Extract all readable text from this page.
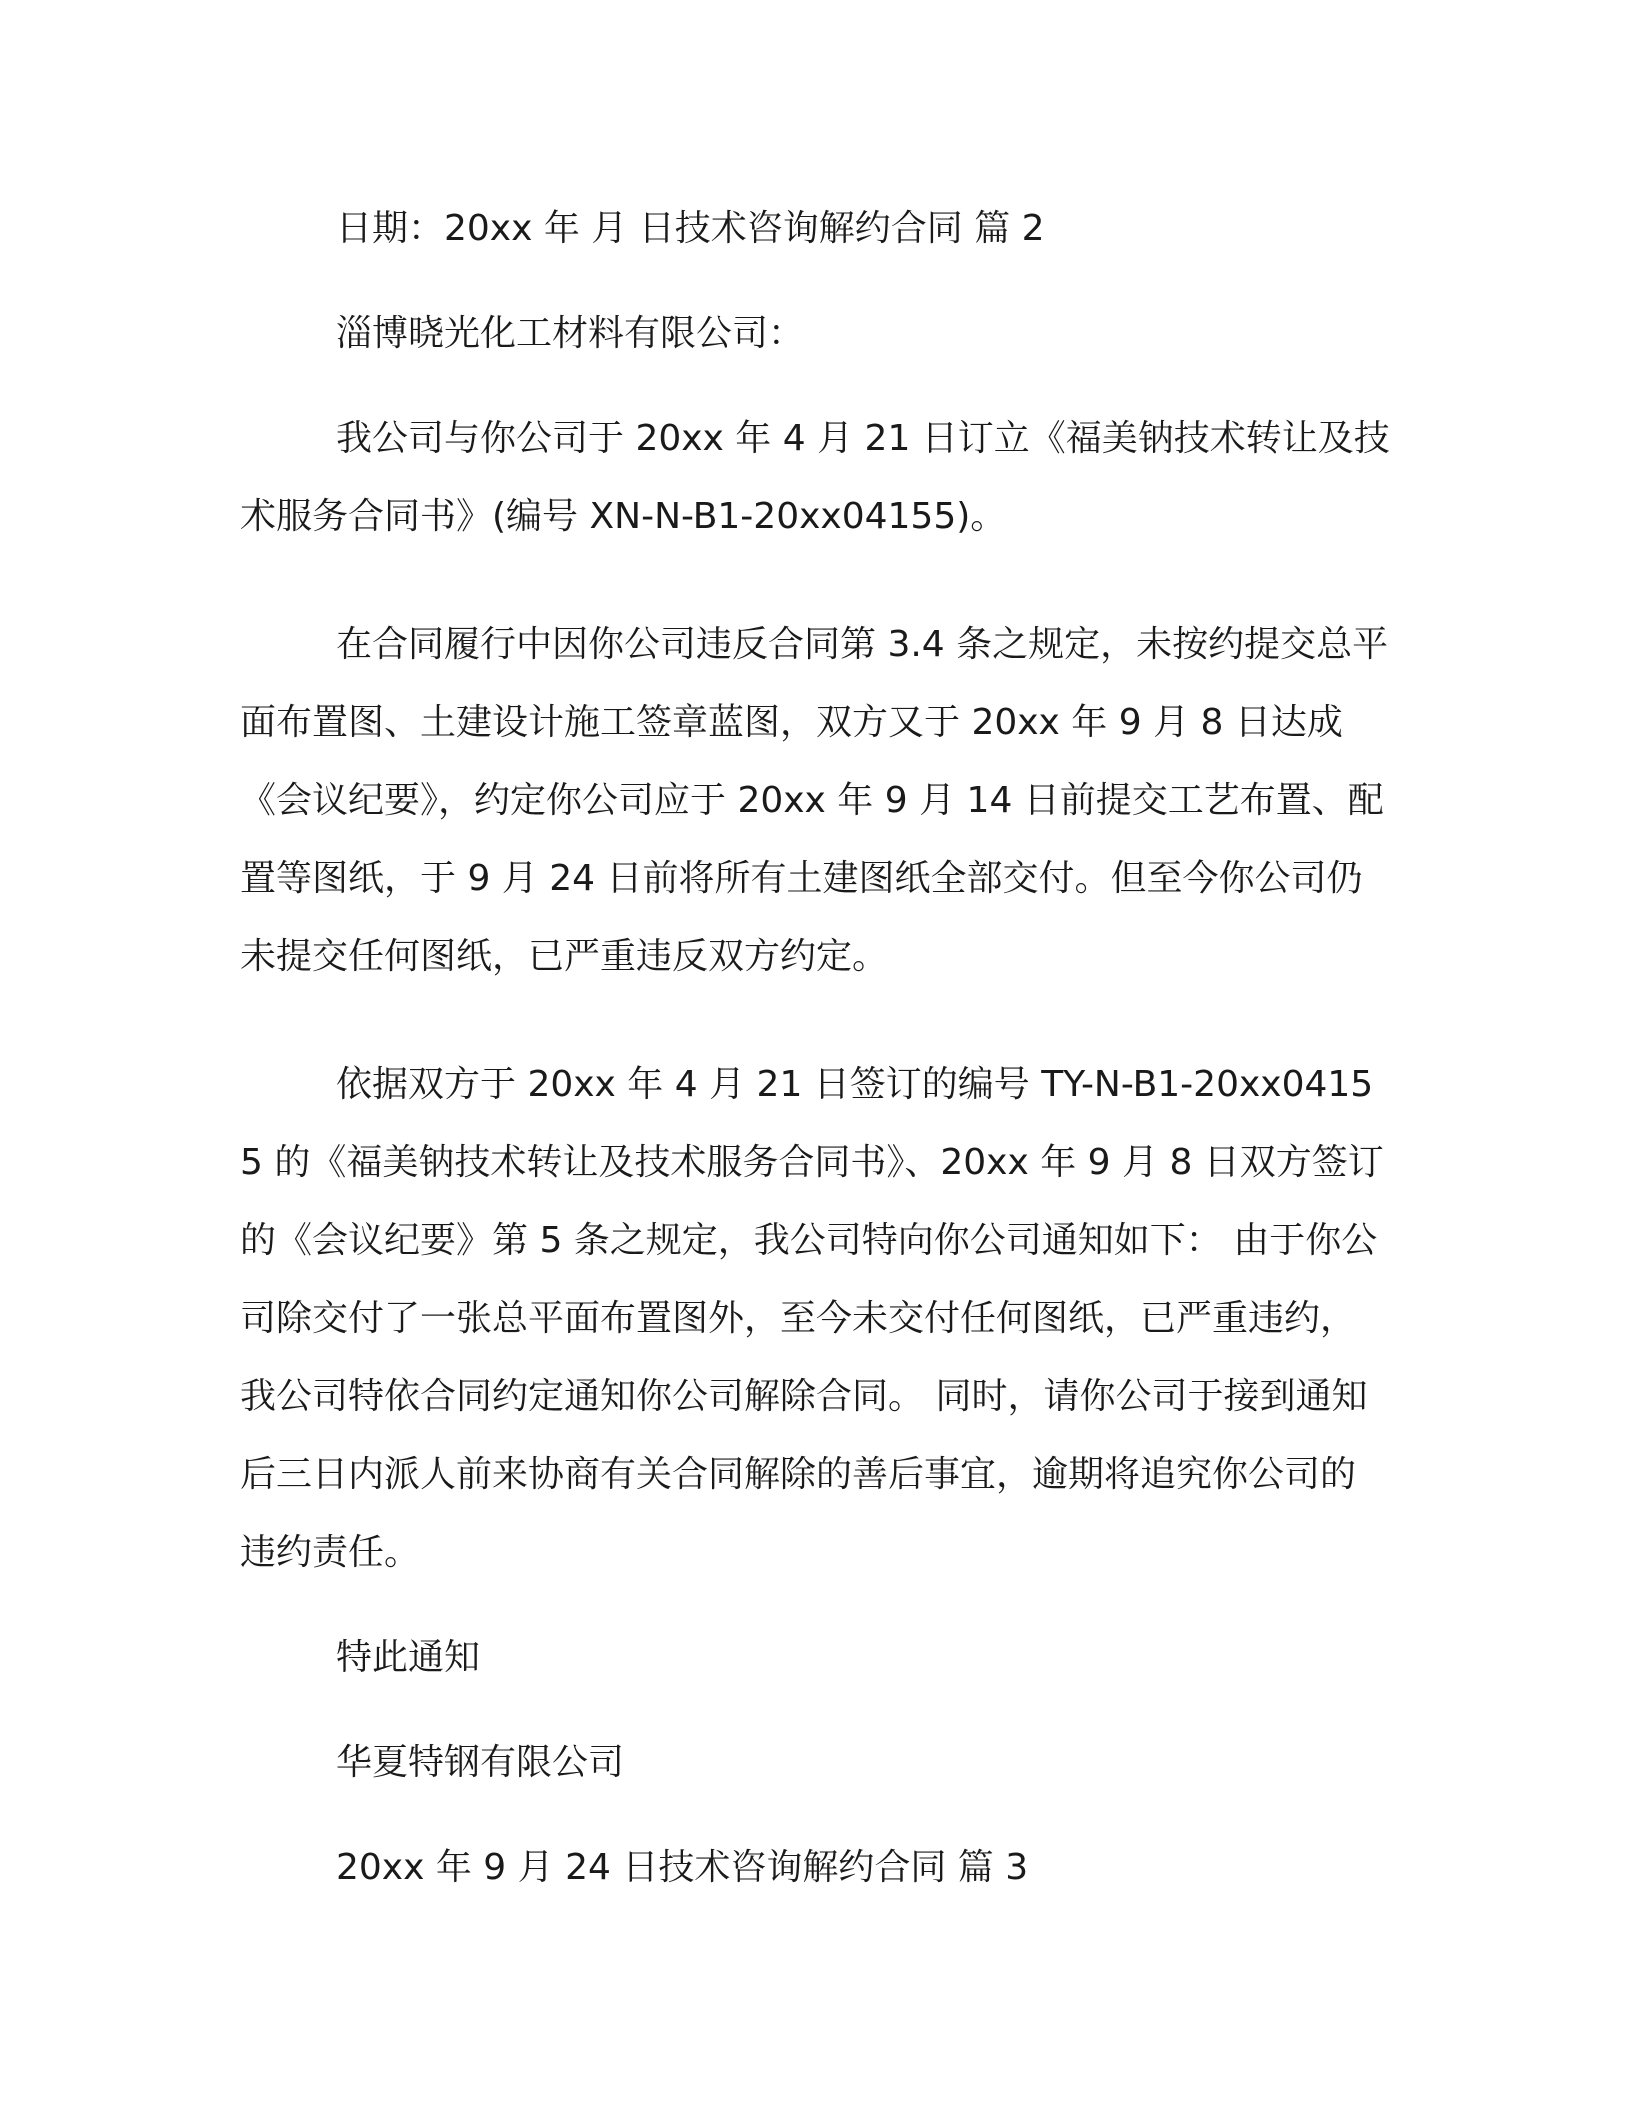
日期：20xx 年 月 日技术咨询解约合同 篇 2

淄博晓光化工材料有限公司：

我公司与你公司于 20xx 年 4 月 21 日订立《福美钠技术转让及技术服务合同书》(编号 XN-N-B1-20xx04155)。

在合同履行中因你公司违反合同第 3.4 条之规定，未按约提交总平面布置图、土建设计施工签章蓝图，双方又于 20xx 年 9 月 8 日达成《会议纪要》，约定你公司应于 20xx 年 9 月 14 日前提交工艺布置、配置等图纸，于 9 月 24 日前将所有土建图纸全部交付。但至今你公司仍未提交任何图纸，已严重违反双方约定。

依据双方于 20xx 年 4 月 21 日签订的编号 TY-N-B1-20xx04155 的《福美钠技术转让及技术服务合同书》、20xx 年 9 月 8 日双方签订的《会议纪要》第 5 条之规定，我公司特向你公司通知如下： 由于你公司除交付了一张总平面布置图外，至今未交付任何图纸，已严重违约，我公司特依合同约定通知你公司解除合同。 同时，请你公司于接到通知后三日内派人前来协商有关合同解除的善后事宜，逾期将追究你公司的违约责任。

特此通知

华夏特钢有限公司

20xx 年 9 月 24 日技术咨询解约合同 篇 3
